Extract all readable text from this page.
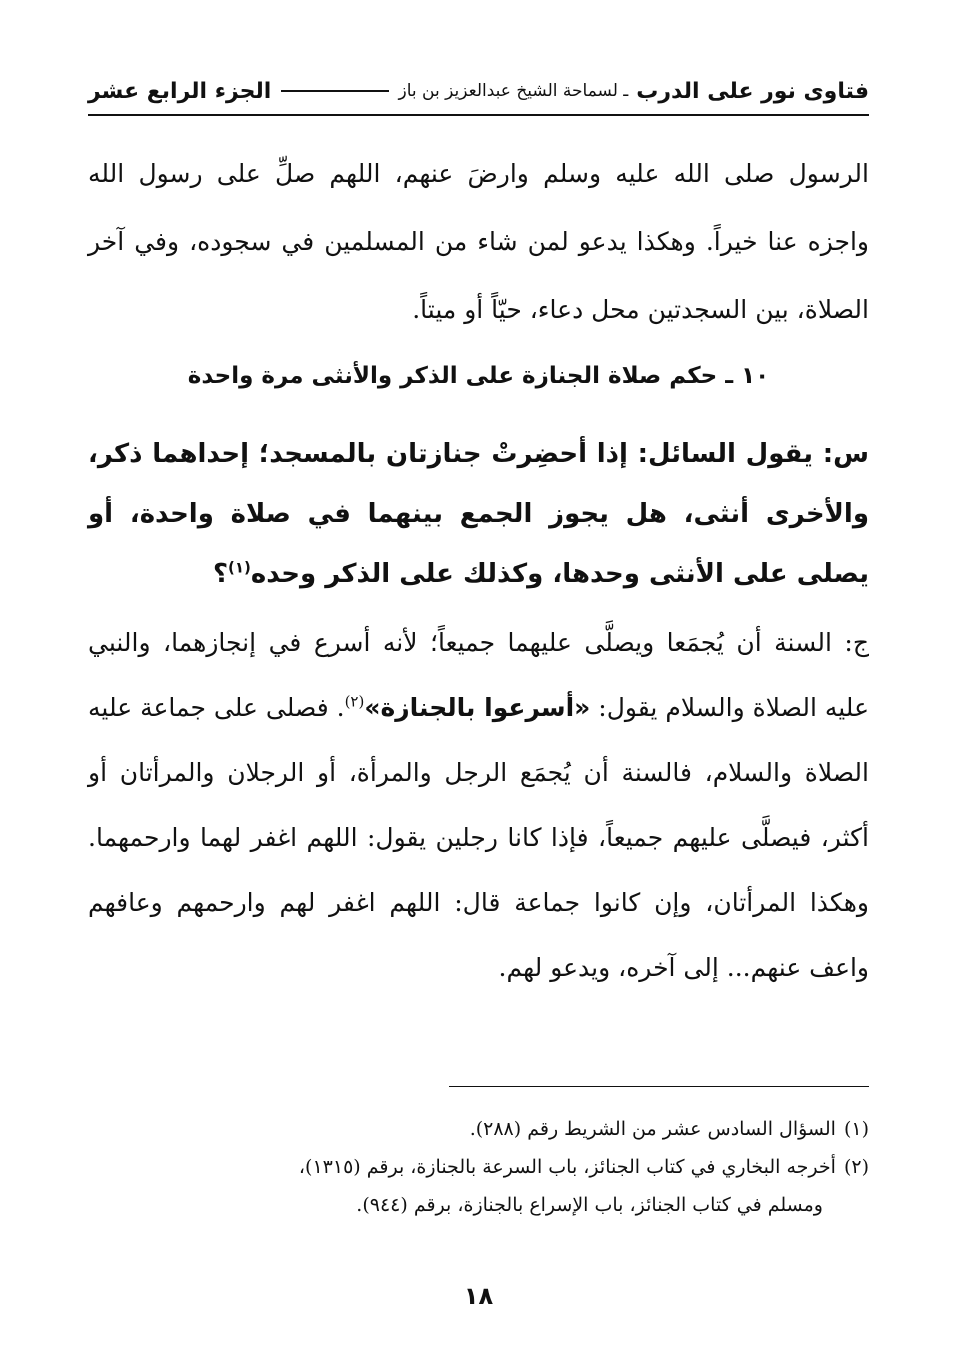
فتاوى نور على الدرب
ـ لسماحة الشيخ عبدالعزيز بن باز
الجزء الرابع عشر

الرسول صلى الله عليه وسلم وارضَ عنهم، اللهم صلِّ على رسول الله واجزه عنا خيراً. وهكذا يدعو لمن شاء من المسلمين في سجوده، وفي آخر الصلاة، بين السجدتين محل دعاء، حيّاً أو ميتاً.

١٠ ـ حكم صلاة الجنازة على الذكر والأنثى مرة واحدة

س: يقول السائل: إذا أحضِرتْ جنازتان بالمسجد؛ إحداهما ذكر، والأخرى أنثى، هل يجوز الجمع بينهما في صلاة واحدة، أو يصلى على الأنثى وحدها، وكذلك على الذكر وحده$^{(١)}$؟

ج: السنة أن يُجمَعا ويصلَّى عليهما جميعاً؛ لأنه أسرع في إنجازهما، والنبي عليه الصلاة والسلام يقول: «أسرعوا بالجنازة»$^{(٢)}$. فصلى على جماعة عليه الصلاة والسلام، فالسنة أن يُجمَع الرجل والمرأة، أو الرجلان والمرأتان أو أكثر، فيصلَّى عليهم جميعاً، فإذا كانا رجلين يقول: اللهم اغفر لهما وارحمهما. وهكذا المرأتان، وإن كانوا جماعة قال: اللهم اغفر لهم وارحمهم وعافهم واعف عنهم... إلى آخره، ويدعو لهم.

(١)السؤال السادس عشر من الشريط رقم (٢٨٨).

(٢)أخرجه البخاري في كتاب الجنائز، باب السرعة بالجنازة، برقم (١٣١٥)،

ومسلم في كتاب الجنائز، باب الإسراع بالجنازة، برقم (٩٤٤).

١٨
